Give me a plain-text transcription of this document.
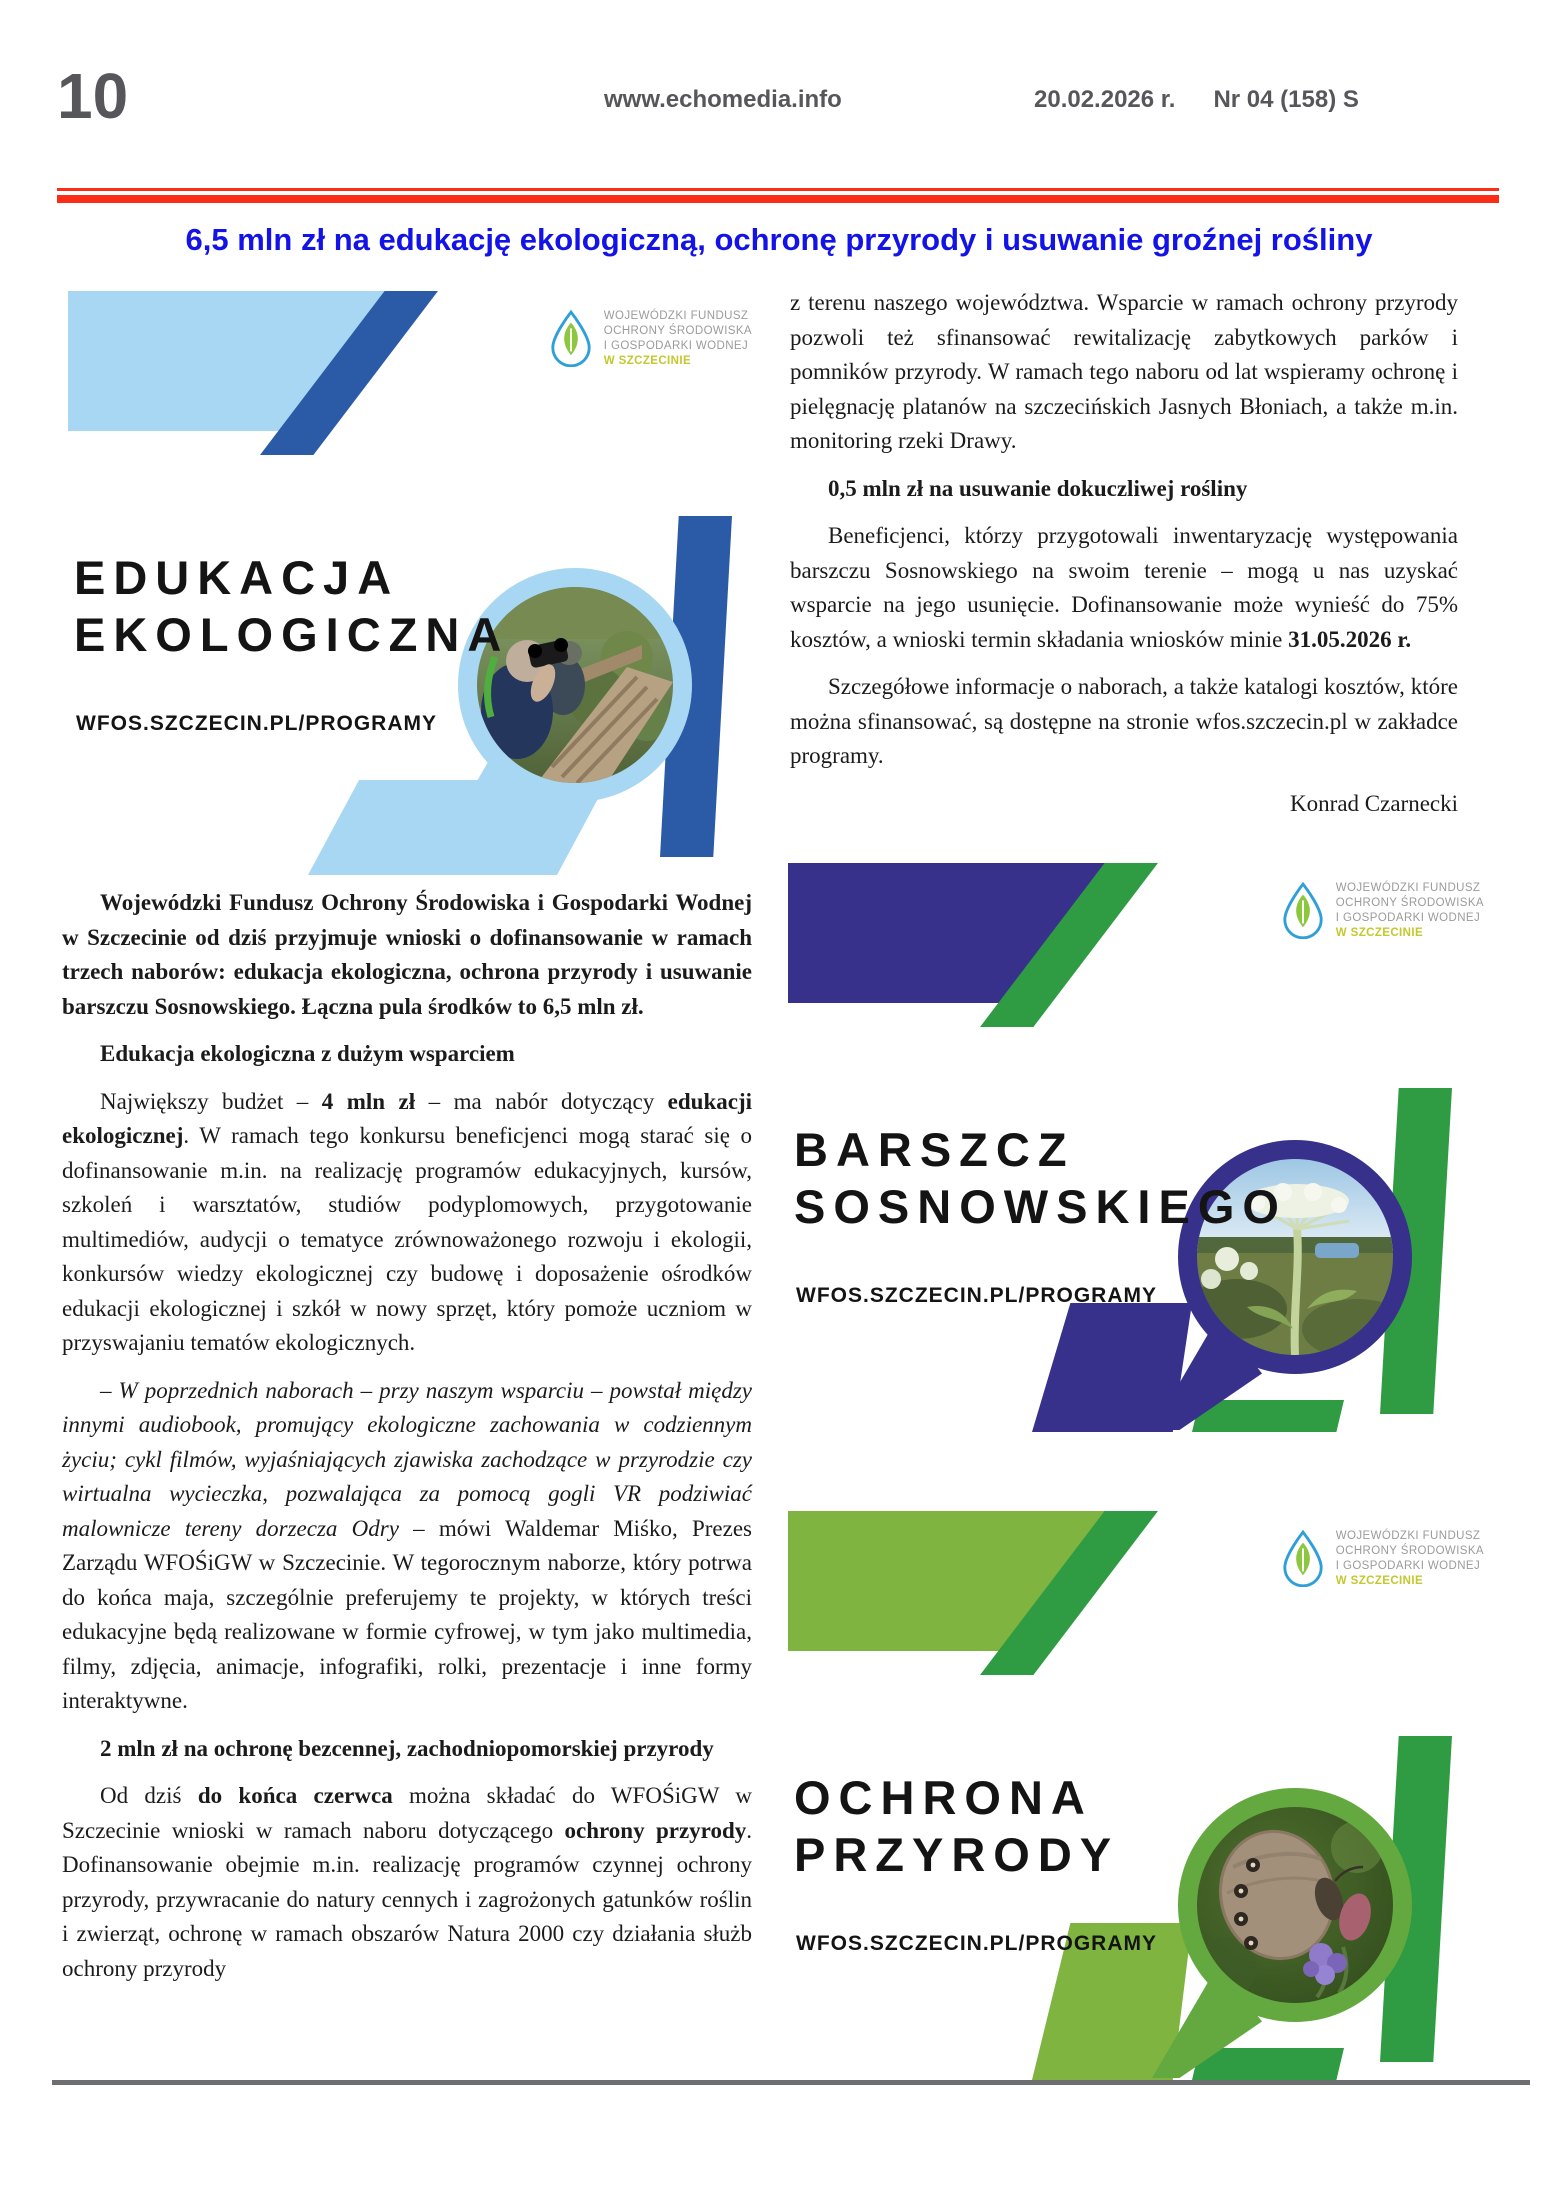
10	www.echomedia.info	20.02.2026 r. Nr 04 (158) S
6,5 mln zł na edukację ekologiczną, ochronę przyrody i usuwanie groźnej rośliny
WOJEWÓDZKI FUNDUSZ
OCHRONY ŚRODOWISKA
I GOSPODARKI WODNEJ
W SZCZECINIE
EDUKACJA
EKOLOGICZNA
WFOS.SZCZECIN.PL/PROGRAMY

Wojewódzki Fundusz Ochrony Środowiska i Gospodarki Wodnej w Szczecinie od dziś przyjmuje wnioski o dofinansowanie w ramach trzech naborów: edukacja ekologiczna, ochrona przyrody i usuwanie barszczu Sosnowskiego. Łączna pula środków to 6,5 mln zł.

Edukacja ekologiczna z dużym wsparciem

Największy budżet – 4 mln zł – ma nabór dotyczący edukacji ekologicznej. W ramach tego konkursu beneficjenci mogą starać się o dofinansowanie m.in. na realizację programów edukacyjnych, kursów, szkoleń i warsztatów, studiów podyplomowych, przygotowanie multimediów, audycji o tematyce zrównoważonego rozwoju i ekologii, konkursów wiedzy ekologicznej czy budowę i doposażenie ośrodków edukacji ekologicznej i szkół w nowy sprzęt, który pomoże uczniom w przyswajaniu tematów ekologicznych.

– W poprzednich naborach – przy naszym wsparciu – powstał między innymi audiobook, promujący ekologiczne zachowania w codziennym życiu; cykl filmów, wyjaśniających zjawiska zachodzące w przyrodzie czy wirtualna wycieczka, pozwalająca za pomocą gogli VR podziwiać malownicze tereny dorzecza Odry – mówi Waldemar Miśko, Prezes Zarządu WFOŚiGW w Szczecinie. W tegorocznym naborze, który potrwa do końca maja, szczególnie preferujemy te projekty, w których treści edukacyjne będą realizowane w formie cyfrowej, w tym jako multimedia, filmy, zdjęcia, animacje, infografiki, rolki, prezentacje i inne formy interaktywne.

2 mln zł na ochronę bezcennej, zachodniopomorskiej przyrody

Od dziś do końca czerwca można składać do WFOŚiGW w Szczecinie wnioski w ramach naboru dotyczącego ochrony przyrody. Dofinansowanie obejmie m.in. realizację programów czynnej ochrony przyrody, przywracanie do natury cennych i zagrożonych gatunków roślin i zwierząt, ochronę w ramach obszarów Natura 2000 czy działania służb ochrony przyrody

z terenu naszego województwa. Wsparcie w ramach ochrony przyrody pozwoli też sfinansować rewitalizację zabytkowych parków i pomników przyrody. W ramach tego naboru od lat wspieramy ochronę i pielęgnację platanów na szczecińskich Jasnych Błoniach, a także m.in. monitoring rzeki Drawy.

0,5 mln zł na usuwanie dokuczliwej rośliny

Beneficjenci, którzy przygotowali inwentaryzację występowania barszczu Sosnowskiego na swoim terenie – mogą u nas uzyskać wsparcie na jego usunięcie. Dofinansowanie może wynieść do 75% kosztów, a wnioski termin składania wniosków minie 31.05.2026 r.

Szczegółowe informacje o naborach, a także katalogi kosztów, które można sfinansować, są dostępne na stronie wfos.szczecin.pl w zakładce programy.

Konrad Czarnecki

WOJEWÓDZKI FUNDUSZ
OCHRONY ŚRODOWISKA
I GOSPODARKI WODNEJ
W SZCZECINIE
BARSZCZ
SOSNOWSKIEGO
WFOS.SZCZECIN.PL/PROGRAMY
WOJEWÓDZKI FUNDUSZ
OCHRONY ŚRODOWISKA
I GOSPODARKI WODNEJ
W SZCZECINIE
OCHRONA
PRZYRODY
WFOS.SZCZECIN.PL/PROGRAMY
